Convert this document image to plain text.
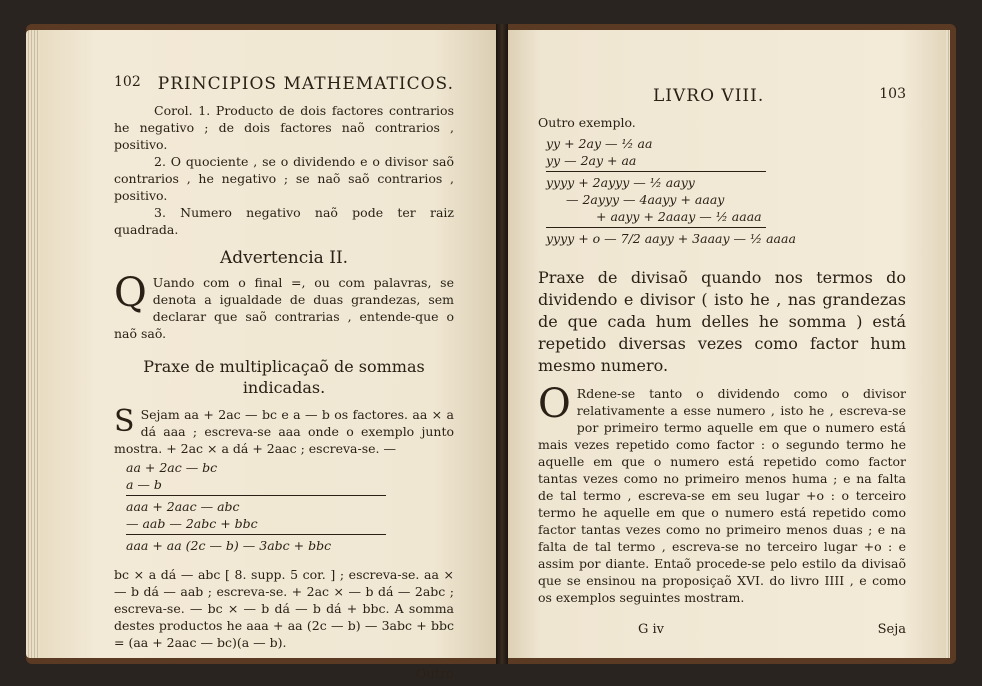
102 PRINCIPIOS MATHEMATICOS.

Corol. 1. Producto de dois factores contrarios he negativo ; de dois factores naõ contrarios , positivo.

2. O quociente , se o dividendo e o divisor saõ contrarios , he negativo ; se naõ saõ contrarios , positivo.

3. Numero negativo naõ pode ter raiz quadrada.

Advertencia II.

Q Uando com o final =, ou com palavras, se denota a igualdade de duas grandezas, sem declarar que saõ contrarias , entende-que o naõ saõ.

Praxe de multiplicaçaõ de sommas indicadas.

S Sejam aa + 2ac — bc e a — b os factores. aa × a dá aaa ; escreva-se aaa onde o exemplo junto mostra. + 2ac × a dá + 2aac ; escreva-se. —

aa + 2ac — bc
a — b
aaa + 2aac — abc
— aab — 2abc + bbc
aaa + aa (2c — b) — 3abc + bbc

bc × a dá — abc [ 8. supp. 5 cor. ] ; escreva-se. aa × — b dá — aab ; escreva-se. + 2ac × — b dá — 2abc ; escreva-se. — bc × — b dá — b dá + bbc. A somma destes productos he aaa + aa (2c — b) — 3abc + bbc = (aa + 2aac — bc)(a — b).

Outro
LIVRO VIII.	103

Outro exemplo.

yy + 2ay — ½ aa
yy — 2ay + aa
yyyy + 2ayyy — ½ aayy
— 2ayyy — 4aayy + aaay
+ aayy + 2aaay — ½ aaaa
yyyy + o — 7/2 aayy + 3aaay — ½ aaaa

Praxe de divisaõ quando nos termos do dividendo e divisor ( isto he , nas grandezas de que cada hum delles he somma ) está repetido diversas vezes como factor hum mesmo numero.

O Rdene-se tanto o dividendo como o divisor relativamente a esse numero , isto he , escreva-se por primeiro termo aquelle em que o numero está mais vezes repetido como factor : o segundo termo he aquelle em que o numero está repetido como factor tantas vezes como no primeiro menos huma ; e na falta de tal termo , escreva-se em seu lugar +o : o terceiro termo he aquelle em que o numero está repetido como factor tantas vezes como no primeiro menos duas ; e na falta de tal termo , escreva-se no terceiro lugar +o : e assim por diante. Entaõ procede-se pelo estilo da divisaõ que se ensinou na proposiçaõ XVI. do livro IIII , e como os exemplos seguintes mostram.

G iv	Seja
